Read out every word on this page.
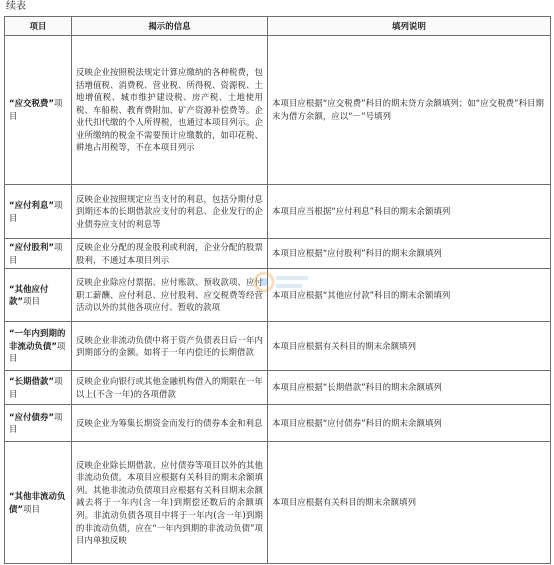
续表
项目	揭示的信息	填列说明
“应交税费”项目	反映企业按照税法规定计算应缴纳的各种税费，包括增值税、消费税、营业税、所得税、资源税、土地增值税、城市维护建设税、房产税、土地使用税、车船税、教育费附加、矿产资源补偿费等。企业代扣代缴的个人所得税，也通过本项目列示。企业所缴纳的税金不需要预计应缴数的，如印花税、耕地占用税等，不在本项目列示	本项目应根据“应交税费”科目的期末贷方余额填列；如“应交税费”科目期末为借方余额，应以“－”号填列
“应付利息”项目	反映企业按照规定应当支付的利息，包括分期付息到期还本的长期借款应支付的利息、企业发行的企业债券应支付的利息等	本项目应当根据“应付利息”科目的期末余额填列
“应付股利”项目	反映企业分配的现金股利或利润，企业分配的股票股利，不通过本项目列示	本项目应根据“应付股利”科目的期末余额填列
“其他应付款”项目	反映企业除应付票据、应付账款、预收款项、应付职工薪酬、应付利息、应付股利、应交税费等经营活动以外的其他各项应付、暂收的款项	本项目应根据“其他应付款”科目的期末余额填列
“一年内到期的非流动负债”项目	反映企业非流动负债中将于资产负债表日后一年内到期部分的金额。如将于一年内偿还的长期借款	本项目应根据有关科目的期末余额填列
“长期借款”项目	反映企业向银行或其他金融机构借入的期限在一年以上(不含一年)的各项借款	本项目应根据“长期借款”科目的期末余额填列
“应付债券”项目	反映企业为筹集长期资金而发行的债券本金和利息	本项目应根据“应付债券”科目的期末余额填列
“其他非流动负债”项目	反映企业除长期借款、应付债券等项目以外的其他非流动负债。本项目应根据有关科目的期末余额填列。其他非流动负债项目应根据有关科目期末余额减去将于一年内(含一年)到期偿还数后的余额填列。非流动负债各项目中将于一年内(含一年)到期的非流动负债，应在“一年内到期的非流动负债”项目内单独反映	本项目应根据有关科目的期末余额填列
